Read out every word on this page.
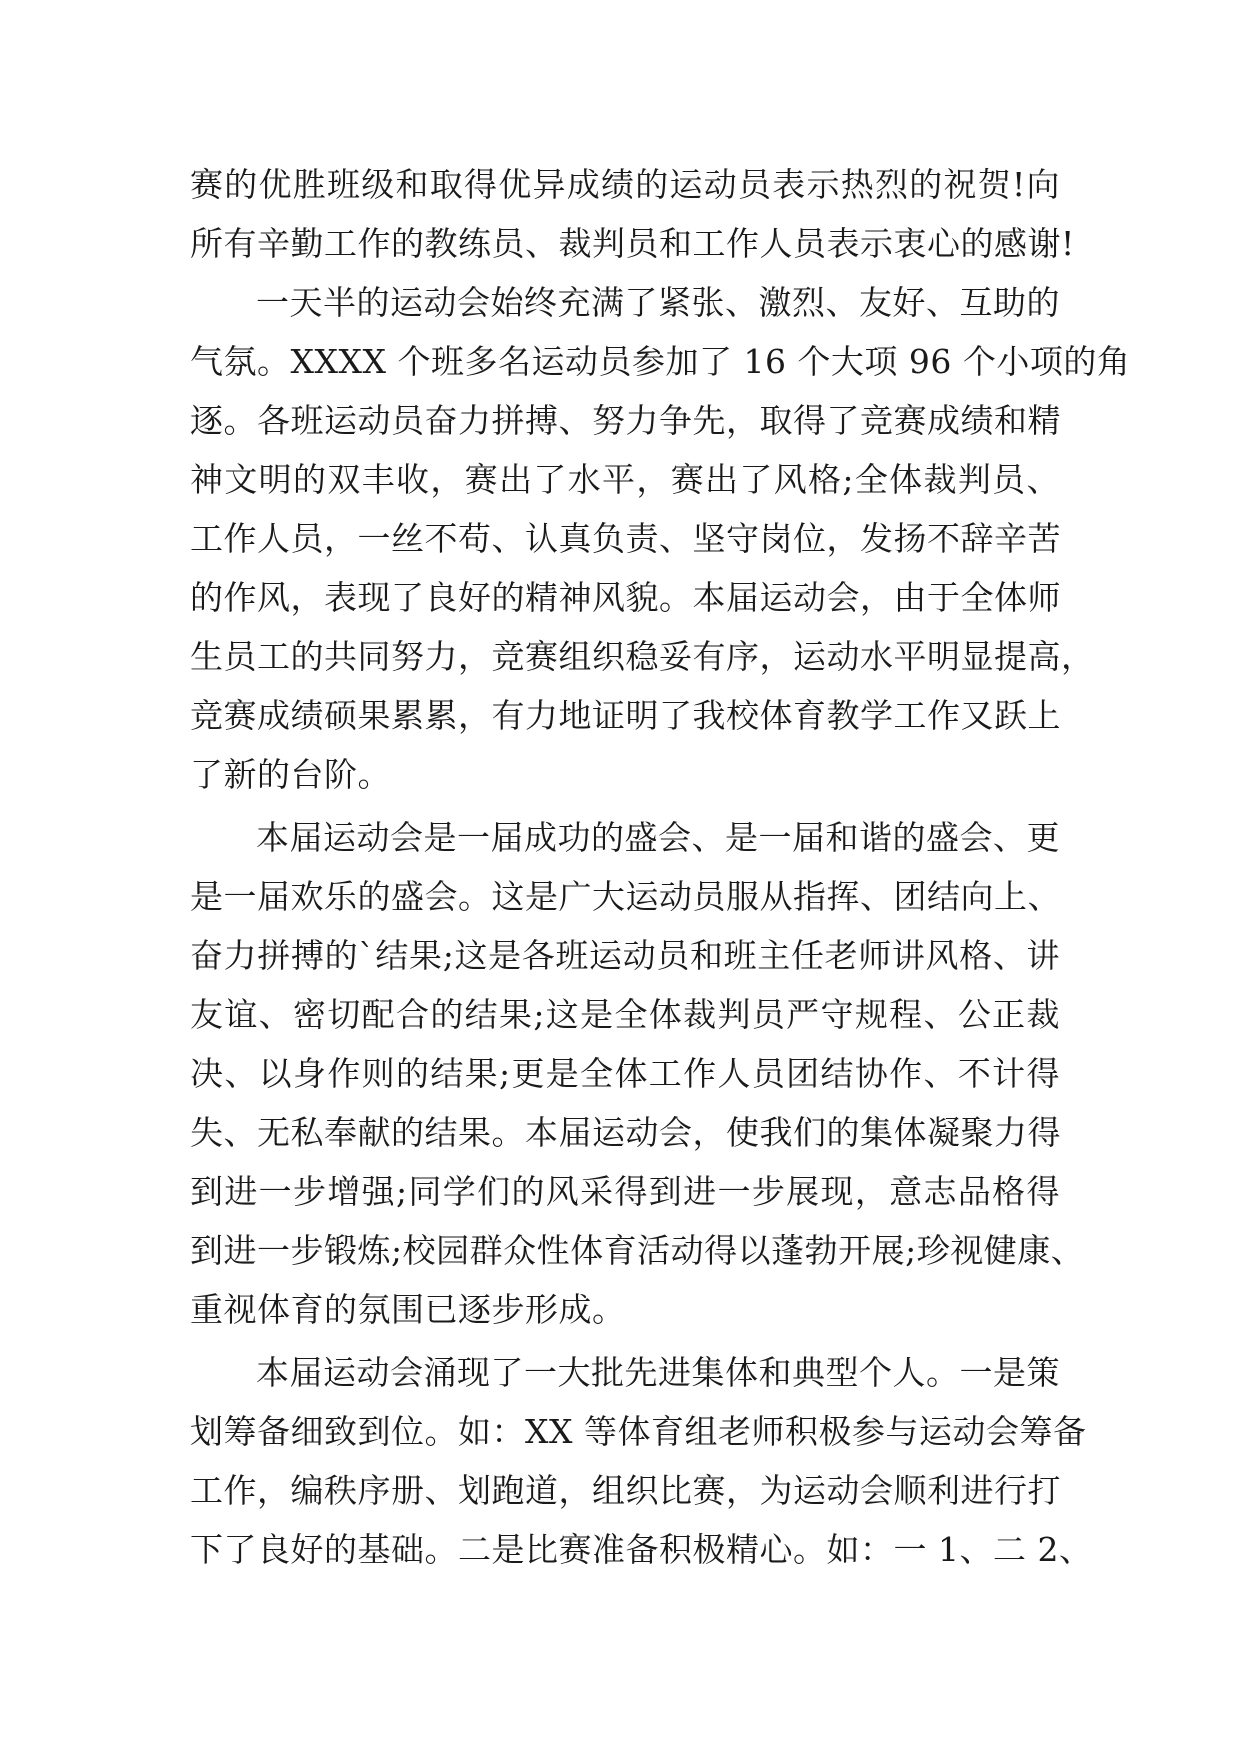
赛的优胜班级和取得优异成绩的运动员表示热烈的祝贺!向
所有辛勤工作的教练员、裁判员和工作人员表示衷心的感谢!
一天半的运动会始终充满了紧张、激烈、友好、互助的
气氛。XXXX 个班多名运动员参加了 16 个大项 96 个小项的角
逐。各班运动员奋力拼搏、努力争先，取得了竞赛成绩和精
神文明的双丰收，赛出了水平，赛出了风格;全体裁判员、
工作人员，一丝不苟、认真负责、坚守岗位，发扬不辞辛苦
的作风，表现了良好的精神风貌。本届运动会，由于全体师
生员工的共同努力，竞赛组织稳妥有序，运动水平明显提高，
竞赛成绩硕果累累，有力地证明了我校体育教学工作又跃上
了新的台阶。
本届运动会是一届成功的盛会、是一届和谐的盛会、更
是一届欢乐的盛会。这是广大运动员服从指挥、团结向上、
奋力拼搏的`结果;这是各班运动员和班主任老师讲风格、讲
友谊、密切配合的结果;这是全体裁判员严守规程、公正裁
决、以身作则的结果;更是全体工作人员团结协作、不计得
失、无私奉献的结果。本届运动会，使我们的集体凝聚力得
到进一步增强;同学们的风采得到进一步展现，意志品格得
到进一步锻炼;校园群众性体育活动得以蓬勃开展;珍视健康、
重视体育的氛围已逐步形成。
本届运动会涌现了一大批先进集体和典型个人。一是策
划筹备细致到位。如：XX 等体育组老师积极参与运动会筹备
工作，编秩序册、划跑道，组织比赛，为运动会顺利进行打
下了良好的基础。二是比赛准备积极精心。如：一 1、二 2、
